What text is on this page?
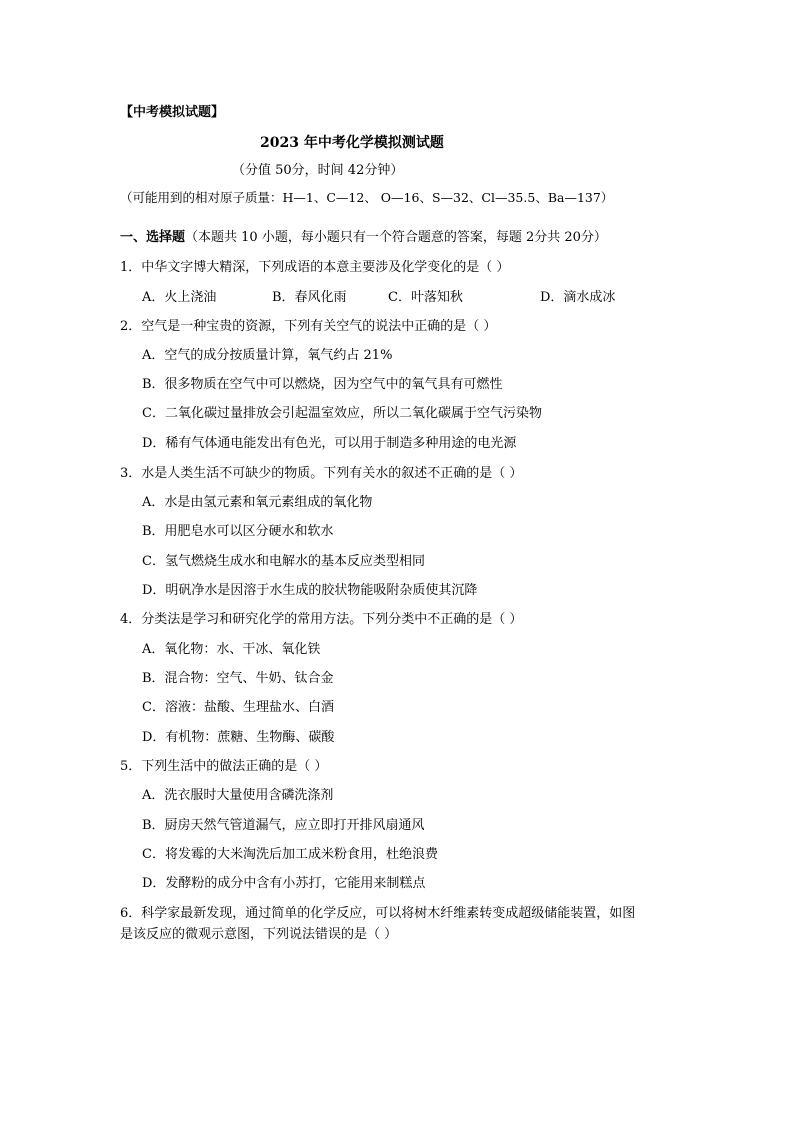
【中考模拟试题】
2023 年中考化学模拟测试题
（分值 50分，时间 42分钟）
（可能用到的相对原子质量：H—1、C—12、 O—16、S—32、Cl—35.5、Ba—137）
一、选择题（本题共 10 小题，每小题只有一个符合题意的答案，每题 2分共 20分）
1．中华文字博大精深，下列成语的本意主要涉及化学变化的是（ ）
A．火上浇油	B．春风化雨	C．叶落知秋	D．滴水成冰
2．空气是一种宝贵的资源，下列有关空气的说法中正确的是（ ）
A．空气的成分按质量计算，氧气约占 21%
B．很多物质在空气中可以燃烧，因为空气中的氧气具有可燃性
C．二氧化碳过量排放会引起温室效应，所以二氧化碳属于空气污染物
D．稀有气体通电能发出有色光，可以用于制造多种用途的电光源
3．水是人类生活不可缺少的物质。下列有关水的叙述不正确的是（ ）
A．水是由氢元素和氧元素组成的氧化物
B．用肥皂水可以区分硬水和软水
C．氢气燃烧生成水和电解水的基本反应类型相同
D．明矾净水是因溶于水生成的胶状物能吸附杂质使其沉降
4．分类法是学习和研究化学的常用方法。下列分类中不正确的是（ ）
A．氧化物：水、干冰、氧化铁
B．混合物：空气、牛奶、钛合金
C．溶液：盐酸、生理盐水、白酒
D．有机物：蔗糖、生物酶、碳酸
5．下列生活中的做法正确的是（ ）
A．洗衣服时大量使用含磷洗涤剂
B．厨房天然气管道漏气，应立即打开排风扇通风
C．将发霉的大米淘洗后加工成米粉食用，杜绝浪费
D．发酵粉的成分中含有小苏打，它能用来制糕点
6．科学家最新发现，通过简单的化学反应，可以将树木纤维素转变成超级储能装置，如图
是该反应的微观示意图，下列说法错误的是（ ）
